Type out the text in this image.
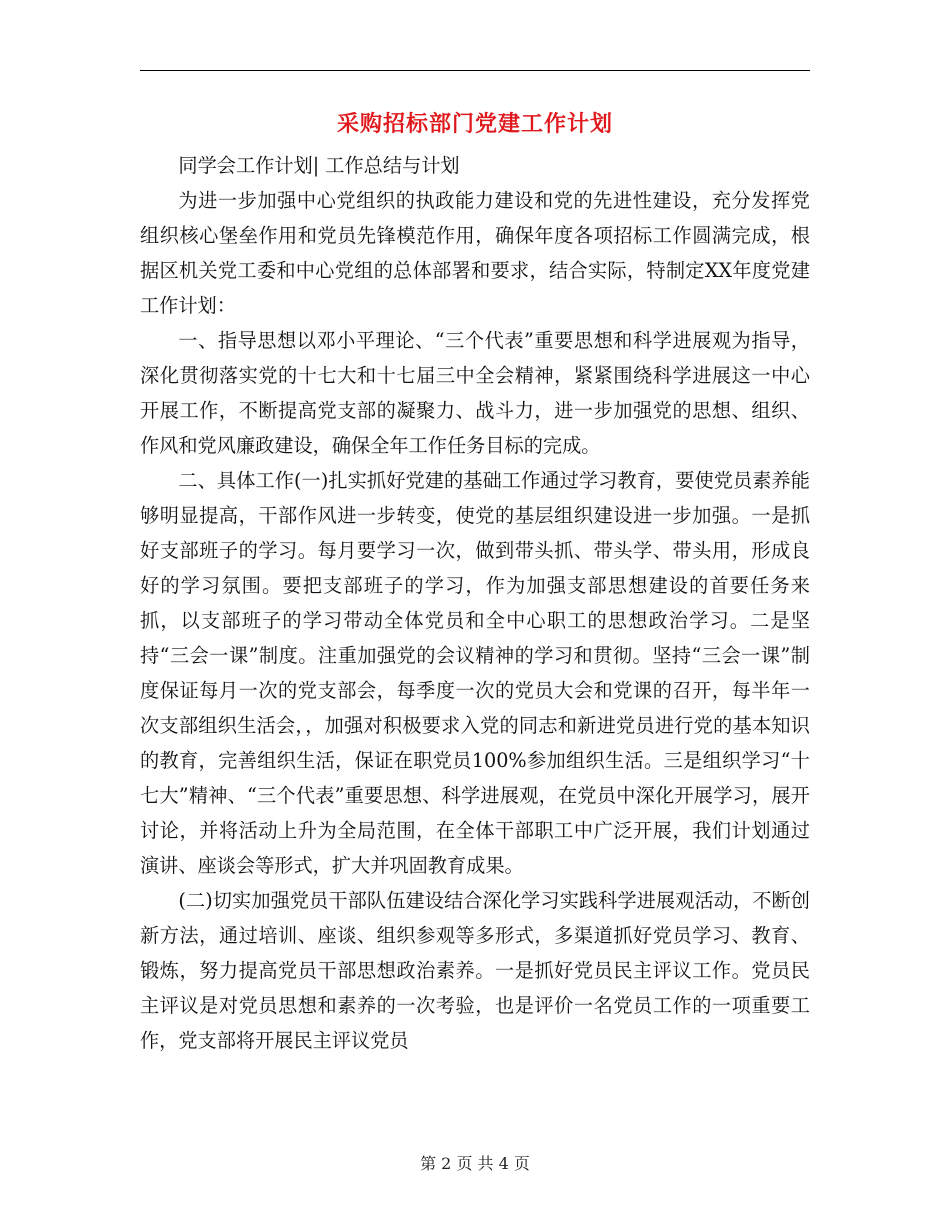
采购招标部门党建工作计划

同学会工作计划| 工作总结与计划

为进一步加强中心党组织的执政能力建设和党的先进性建设，充分发挥党组织核心堡垒作用和党员先锋模范作用，确保年度各项招标工作圆满完成，根据区机关党工委和中心党组的总体部署和要求，结合实际，特制定XX年度党建工作计划：

一、指导思想以邓小平理论、“三个代表”重要思想和科学进展观为指导，深化贯彻落实党的十七大和十七届三中全会精神，紧紧围绕科学进展这一中心开展工作，不断提高党支部的凝聚力、战斗力，进一步加强党的思想、组织、作风和党风廉政建设，确保全年工作任务目标的完成。

二、具体工作(一)扎实抓好党建的基础工作通过学习教育，要使党员素养能够明显提高，干部作风进一步转变，使党的基层组织建设进一步加强。一是抓好支部班子的学习。每月要学习一次，做到带头抓、带头学、带头用，形成良好的学习氛围。要把支部班子的学习，作为加强支部思想建设的首要任务来抓，以支部班子的学习带动全体党员和全中心职工的思想政治学习。二是坚持“三会一课”制度。注重加强党的会议精神的学习和贯彻。坚持“三会一课”制度保证每月一次的党支部会，每季度一次的党员大会和党课的召开，每半年一次支部组织生活会，，加强对积极要求入党的同志和新进党员进行党的基本知识的教育，完善组织生活，保证在职党员100%参加组织生活。三是组织学习“十七大”精神、“三个代表”重要思想、科学进展观，在党员中深化开展学习，展开讨论，并将活动上升为全局范围，在全体干部职工中广泛开展，我们计划通过演讲、座谈会等形式，扩大并巩固教育成果。

(二)切实加强党员干部队伍建设结合深化学习实践科学进展观活动，不断创新方法，通过培训、座谈、组织参观等多形式，多渠道抓好党员学习、教育、锻炼，努力提高党员干部思想政治素养。一是抓好党员民主评议工作。党员民主评议是对党员思想和素养的一次考验，也是评价一名党员工作的一项重要工作，党支部将开展民主评议党员

第 2 页 共 4 页
